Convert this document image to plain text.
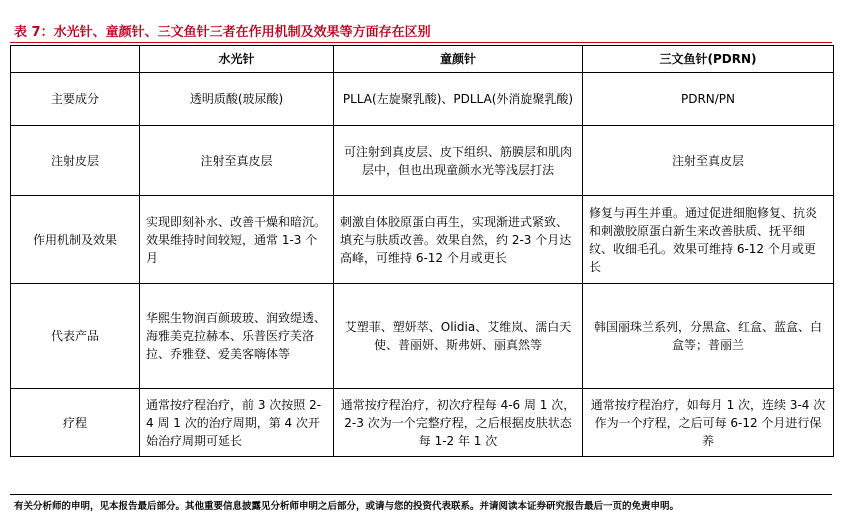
表 7：水光针、童颜针、三文鱼针三者在作用机制及效果等方面存在区别
	水光针	童颜针	三文鱼针(PDRN)
主要成分	透明质酸(玻尿酸)	PLLA(左旋聚乳酸)、PDLLA(外消旋聚乳酸)	PDRN/PN
注射皮层	注射至真皮层	可注射到真皮层、皮下组织、筋膜层和肌肉层中，但也出现童颜水光等浅层打法	注射至真皮层
作用机制及效果	实现即刻补水、改善干燥和暗沉。效果维持时间较短，通常 1-3 个月	刺激自体胶原蛋白再生，实现渐进式紧致、填充与肤质改善。效果自然，约 2-3 个月达高峰，可维持 6-12 个月或更长	修复与再生并重。通过促进细胞修复、抗炎和刺激胶原蛋白新生来改善肤质、抚平细纹、收细毛孔。效果可维持 6-12 个月或更长
代表产品	华熙生物润百颜玻玻、润致缇透、海雅美克拉赫本、乐普医疗芙洛拉、乔雅登、爱美客嗨体等	艾塑菲、塑妍萃、Olidia、艾维岚、濡白天使、普丽妍、斯弗妍、丽真然等	韩国丽珠兰系列，分黑盒、红盒、蓝盒、白盒等；普丽兰
疗程	通常按疗程治疗，前 3 次按照 2-4 周 1 次的治疗周期，第 4 次开始治疗周期可延长	通常按疗程治疗，初次疗程每 4-6 周 1 次，2-3 次为一个完整疗程，之后根据皮肤状态每 1-2 年 1 次	通常按疗程治疗，如每月 1 次，连续 3-4 次作为一个疗程，之后可每 6-12 个月进行保养
有关分析师的申明，见本报告最后部分。其他重要信息披露见分析师申明之后部分，或请与您的投资代表联系。并请阅读本证券研究报告最后一页的免责申明。
